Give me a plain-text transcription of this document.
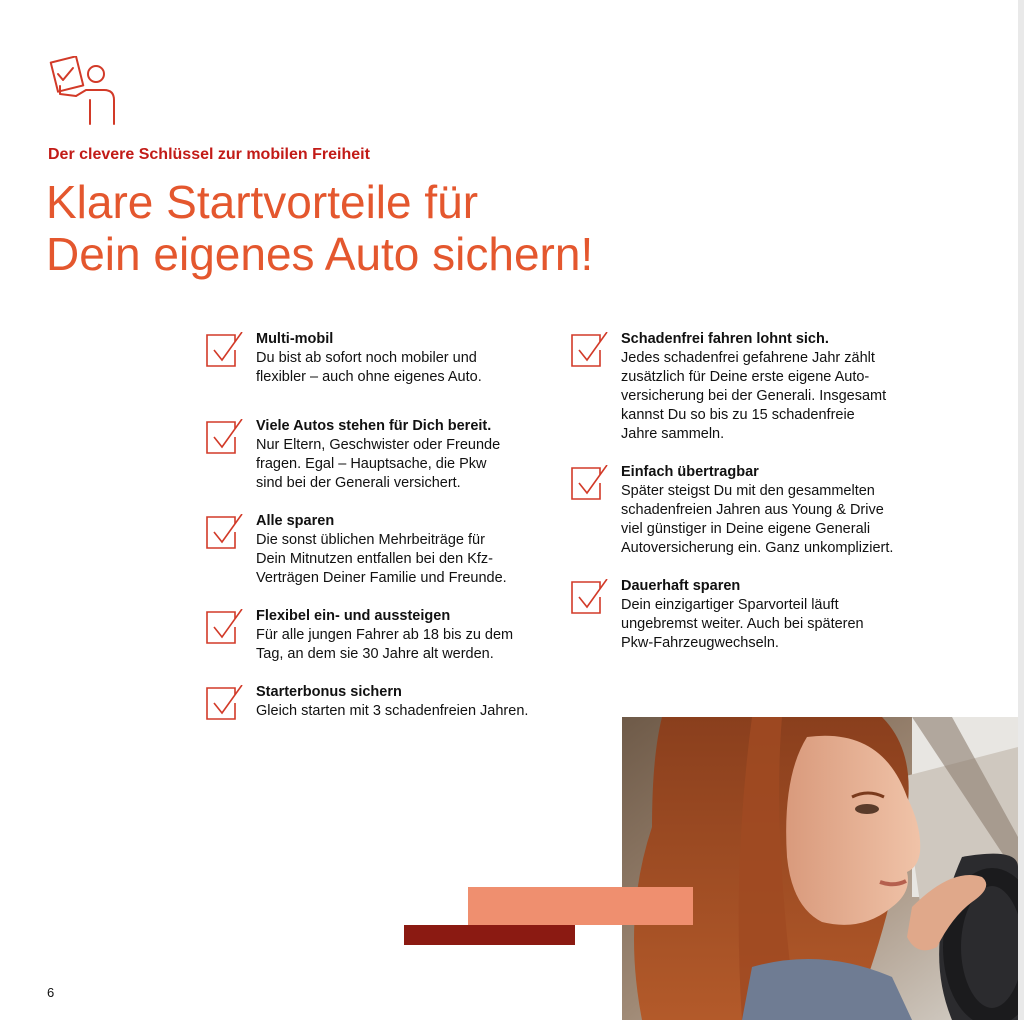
Der clevere Schlüssel zur mobilen Freiheit
Klare Startvorteile für
Dein eigenes Auto sichern!
Multi-mobil
Du bist ab sofort noch mobiler und
flexibler – auch ohne eigenes Auto.
Viele Autos stehen für Dich bereit.
Nur Eltern, Geschwister oder Freunde
fragen. Egal – Hauptsache, die Pkw
sind bei der Generali versichert.
Alle sparen
Die sonst üblichen Mehrbeiträge für
Dein Mitnutzen entfallen bei den Kfz-
Verträgen Deiner Familie und Freunde.
Flexibel ein- und aussteigen
Für alle jungen Fahrer ab 18 bis zu dem
Tag, an dem sie 30 Jahre alt werden.
Starterbonus sichern
Gleich starten mit 3 schadenfreien Jahren.
Schadenfrei fahren lohnt sich.
Jedes schadenfrei gefahrene Jahr zählt
zusätzlich für Deine erste eigene Auto-
versicherung bei der Generali. Insgesamt
kannst Du so bis zu 15 schadenfreie
Jahre sammeln.
Einfach übertragbar
Später steigst Du mit den gesammelten
schadenfreien Jahren aus Young & Drive
viel günstiger in Deine eigene Generali
Autoversicherung ein. Ganz unkompliziert.
Dauerhaft sparen
Dein einzigartiger Sparvorteil läuft
ungebremst weiter. Auch bei späteren
Pkw-Fahrzeugwechseln.
6
